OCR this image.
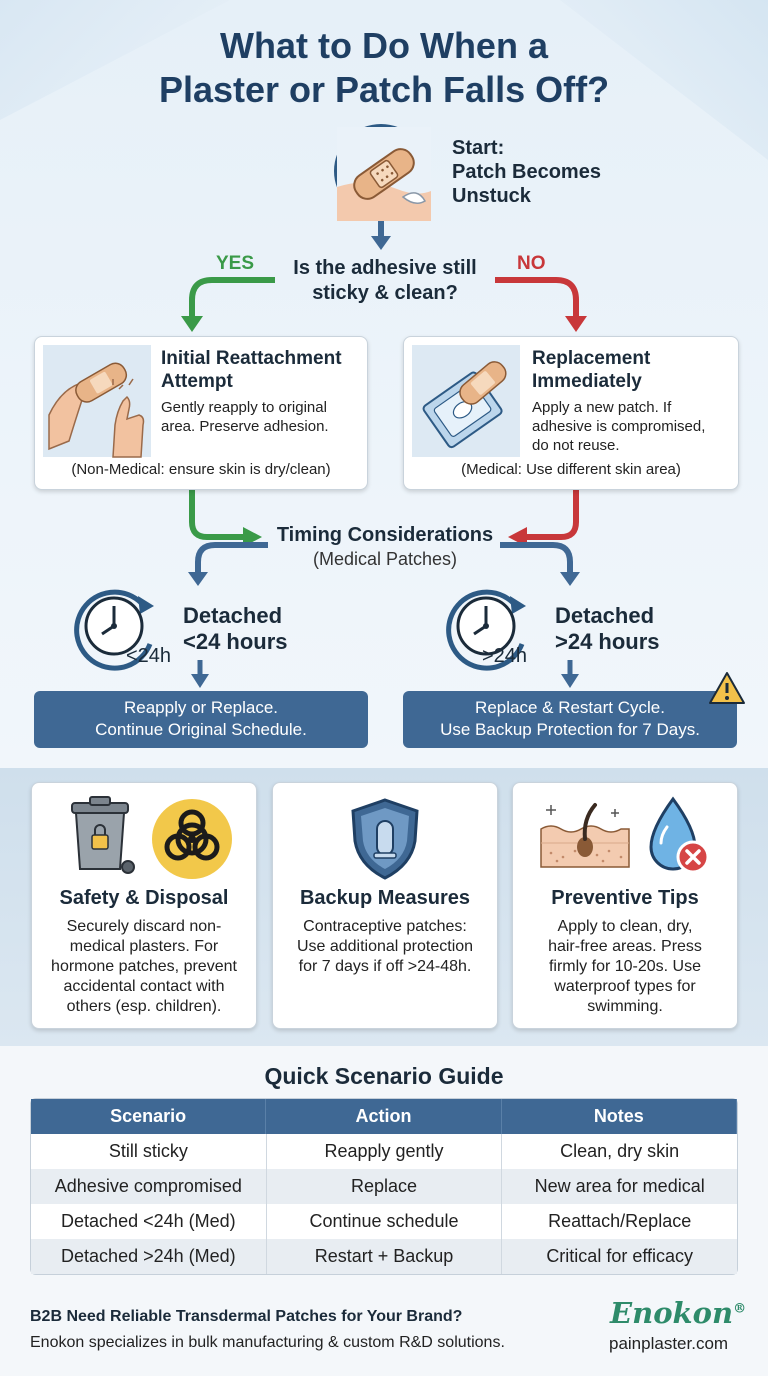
What to Do When a
Plaster or Patch Falls Off?
Start:
Patch Becomes
Unstuck
YES	NO
Is the adhesive still
sticky & clean?
Initial Reattachment
Attempt
Gently reapply to original
area. Preserve adhesion.
(Non-Medical: ensure skin is dry/clean)
Replacement
Immediately
Apply a new patch. If
adhesive is compromised,
do not reuse.
(Medical: Use different skin area)
Timing Considerations
(Medical Patches)
<24h
Detached
<24 hours
Reapply or Replace.
Continue Original Schedule.
>24h
Detached
>24 hours
Replace & Restart Cycle.
Use Backup Protection for 7 Days.
Safety & Disposal
Securely discard non-
medical plasters. For
hormone patches, prevent
accidental contact with
others (esp. children).
Backup Measures
Contraceptive patches:
Use additional protection
for 7 days if off >24-48h.
Preventive Tips
Apply to clean, dry,
hair-free areas. Press
firmly for 10-20s. Use
waterproof types for
swimming.
Quick Scenario Guide
Scenario	Action	Notes
Still sticky	Reapply gently	Clean, dry skin
Adhesive compromised	Replace	New area for medical
Detached <24h (Med)	Continue schedule	Reattach/Replace
Detached >24h (Med)	Restart + Backup	Critical for efficacy
B2B Need Reliable Transdermal Patches for Your Brand?
Enokon specializes in bulk manufacturing & custom R&D solutions.
Enokon®
painplaster.com
